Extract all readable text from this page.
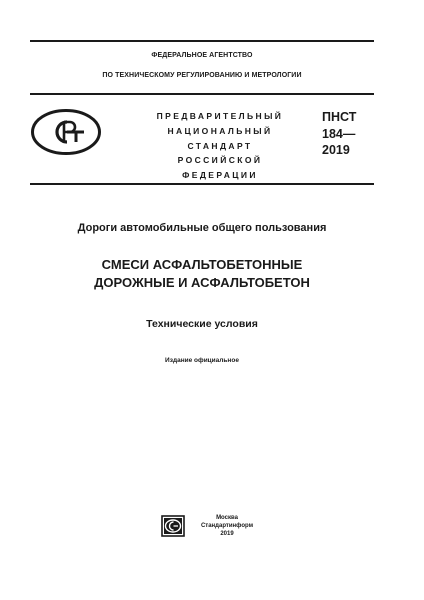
ФЕДЕРАЛЬНОЕ АГЕНТСТВО
ПО ТЕХНИЧЕСКОМУ РЕГУЛИРОВАНИЮ И МЕТРОЛОГИИ
ПРЕДВАРИТЕЛЬНЫЙ
НАЦИОНАЛЬНЫЙ
СТАНДАРТ
РОССИЙСКОЙ
ФЕДЕРАЦИИ
ПНСТ
184—
2019
Дороги автомобильные общего пользования
СМЕСИ АСФАЛЬТОБЕТОННЫЕ
ДОРОЖНЫЕ И АСФАЛЬТОБЕТОН
Технические условия
Издание официальное
Москва
Стандартинформ
2019
